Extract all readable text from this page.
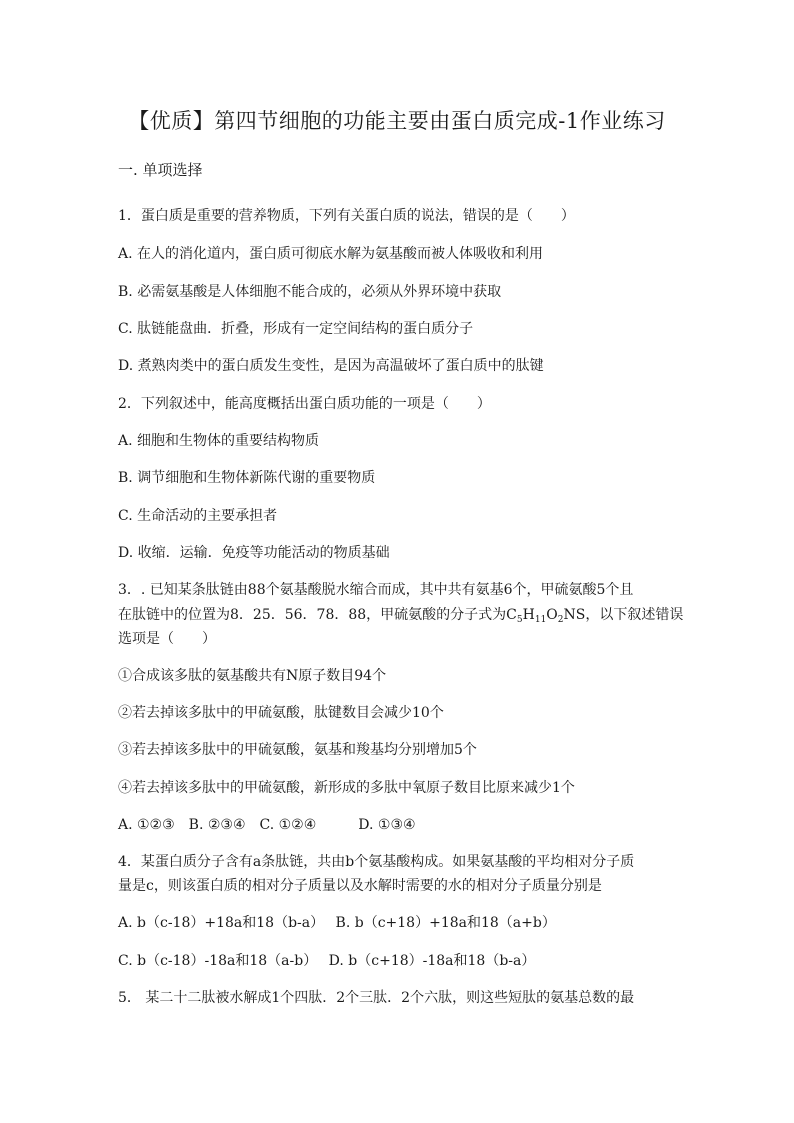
【优质】第四节细胞的功能主要由蛋白质完成-1作业练习
一. 单项选择
1．蛋白质是重要的营养物质，下列有关蛋白质的说法，错误的是（　　）
A. 在人的消化道内，蛋白质可彻底水解为氨基酸而被人体吸收和利用
B. 必需氨基酸是人体细胞不能合成的，必须从外界环境中获取
C. 肽链能盘曲．折叠，形成有一定空间结构的蛋白质分子
D. 煮熟肉类中的蛋白质发生变性，是因为高温破坏了蛋白质中的肽键
2．下列叙述中，能高度概括出蛋白质功能的一项是（　　）
A. 细胞和生物体的重要结构物质
B. 调节细胞和生物体新陈代谢的重要物质
C. 生命活动的主要承担者
D. 收缩．运输．免疫等功能活动的物质基础
3．. 已知某条肽链由88个氨基酸脱水缩合而成，其中共有氨基6个，甲硫氨酸5个且
在肽链中的位置为8．25．56．78．88，甲硫氨酸的分子式为$C_5H_{11}O_2NS$，以下叙述错误
选项是（　　）
①合成该多肽的氨基酸共有N原子数目94个
②若去掉该多肽中的甲硫氨酸，肽键数目会减少10个
③若去掉该多肽中的甲硫氨酸，氨基和羧基均分别增加5个
④若去掉该多肽中的甲硫氨酸，新形成的多肽中氧原子数目比原来减少1个
A. ①②③　B. ②③④　C. ①②④　　　D. ①③④
4．某蛋白质分子含有a条肽链，共由b个氨基酸构成。如果氨基酸的平均相对分子质
量是c，则该蛋白质的相对分子质量以及水解时需要的水的相对分子质量分别是
A. b（c-18）+18a和18（b-a）　 B. b（c+18）+18a和18（a+b）
C. b（c-18）-18a和18（a-b）　 D. b（c+18）-18a和18（b-a）
5． 某二十二肽被水解成1个四肽．2个三肽．2个六肽，则这些短肽的氨基总数的最
